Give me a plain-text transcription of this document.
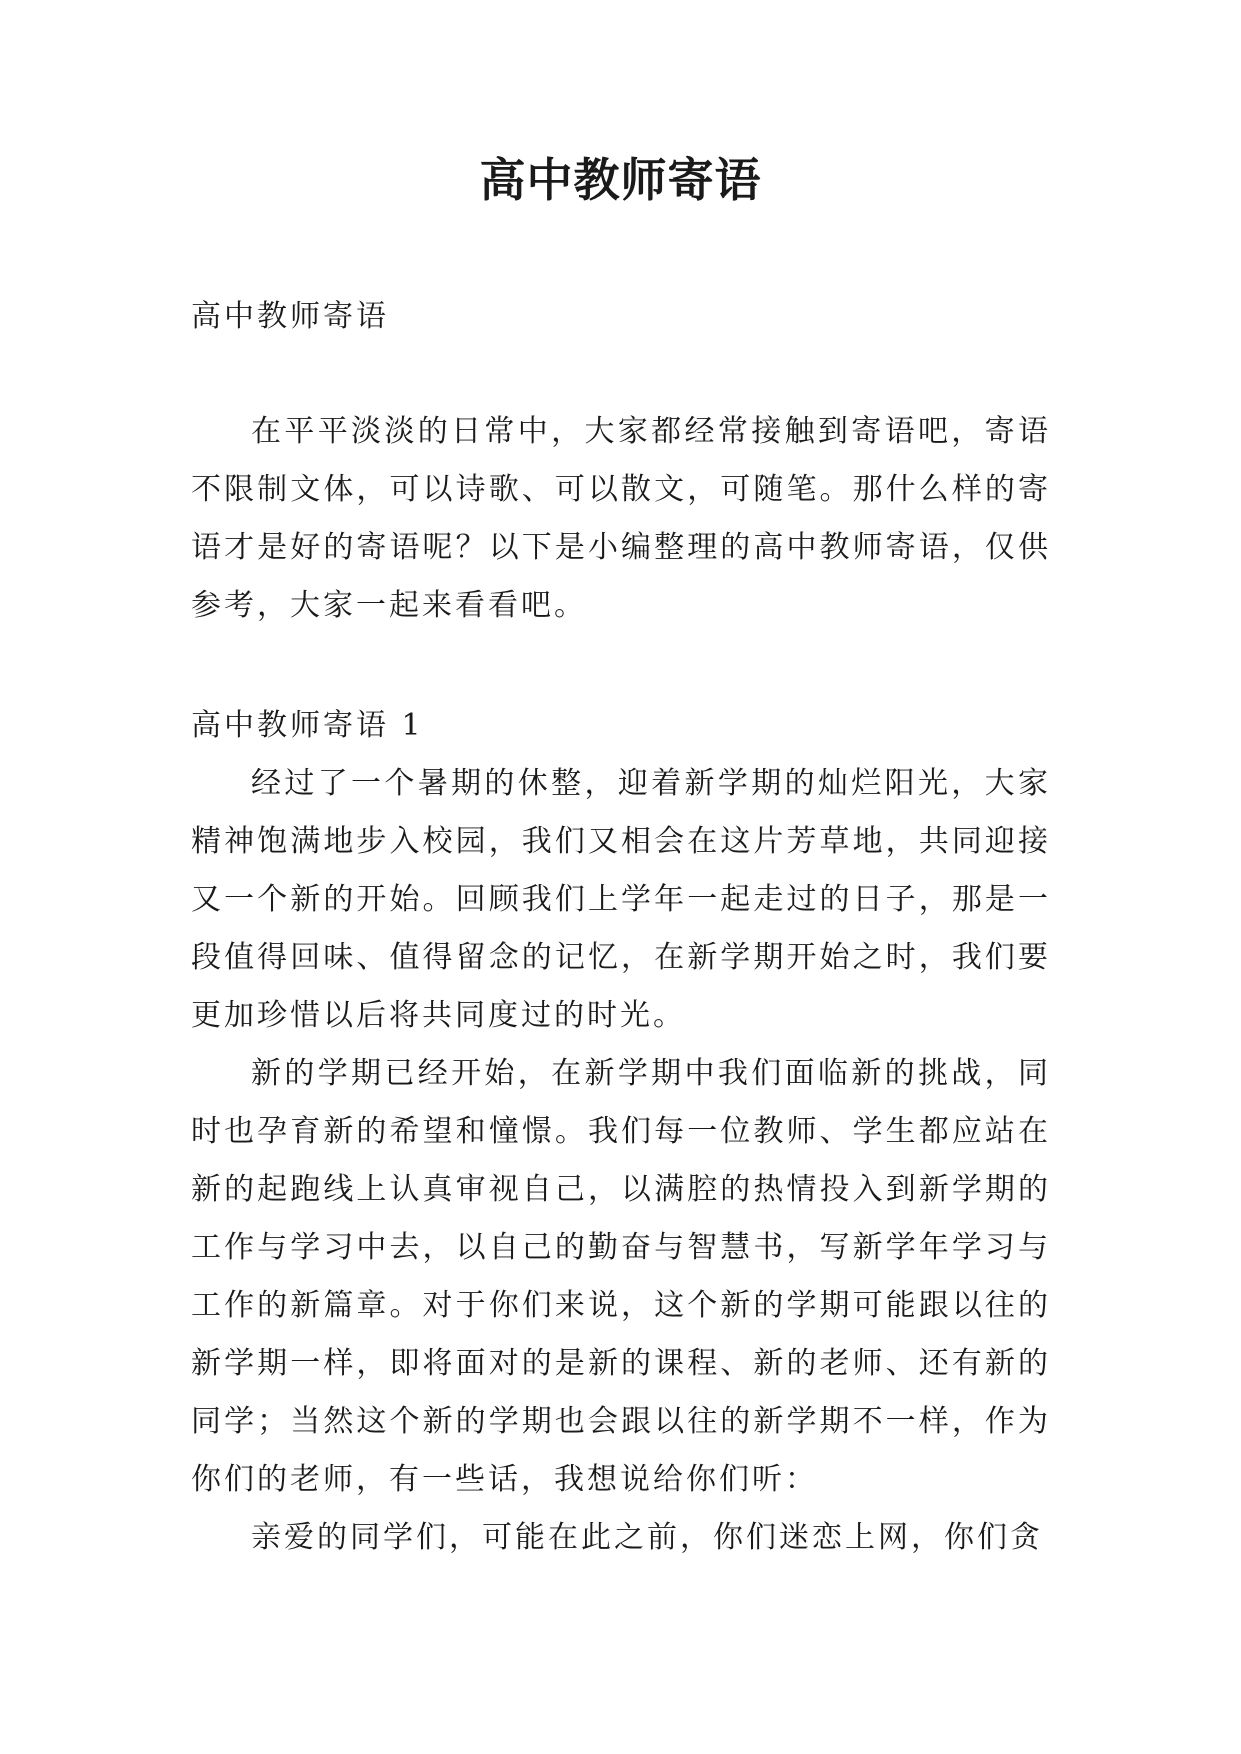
高中教师寄语
高中教师寄语

在平平淡淡的日常中，大家都经常接触到寄语吧，寄语不限制文体，可以诗歌、可以散文，可随笔。那什么样的寄语才是好的寄语呢？以下是小编整理的高中教师寄语，仅供参考，大家一起来看看吧。

高中教师寄语 1

经过了一个暑期的休整，迎着新学期的灿烂阳光，大家精神饱满地步入校园，我们又相会在这片芳草地，共同迎接又一个新的开始。回顾我们上学年一起走过的日子，那是一段值得回味、值得留念的记忆，在新学期开始之时，我们要更加珍惜以后将共同度过的时光。

新的学期已经开始，在新学期中我们面临新的挑战，同时也孕育新的希望和憧憬。我们每一位教师、学生都应站在新的起跑线上认真审视自己，以满腔的热情投入到新学期的工作与学习中去，以自己的勤奋与智慧书，写新学年学习与工作的新篇章。对于你们来说，这个新的学期可能跟以往的新学期一样，即将面对的是新的课程、新的老师、还有新的同学；当然这个新的学期也会跟以往的新学期不一样，作为你们的老师，有一些话，我想说给你们听：

亲爱的同学们，可能在此之前，你们迷恋上网，你们贪
